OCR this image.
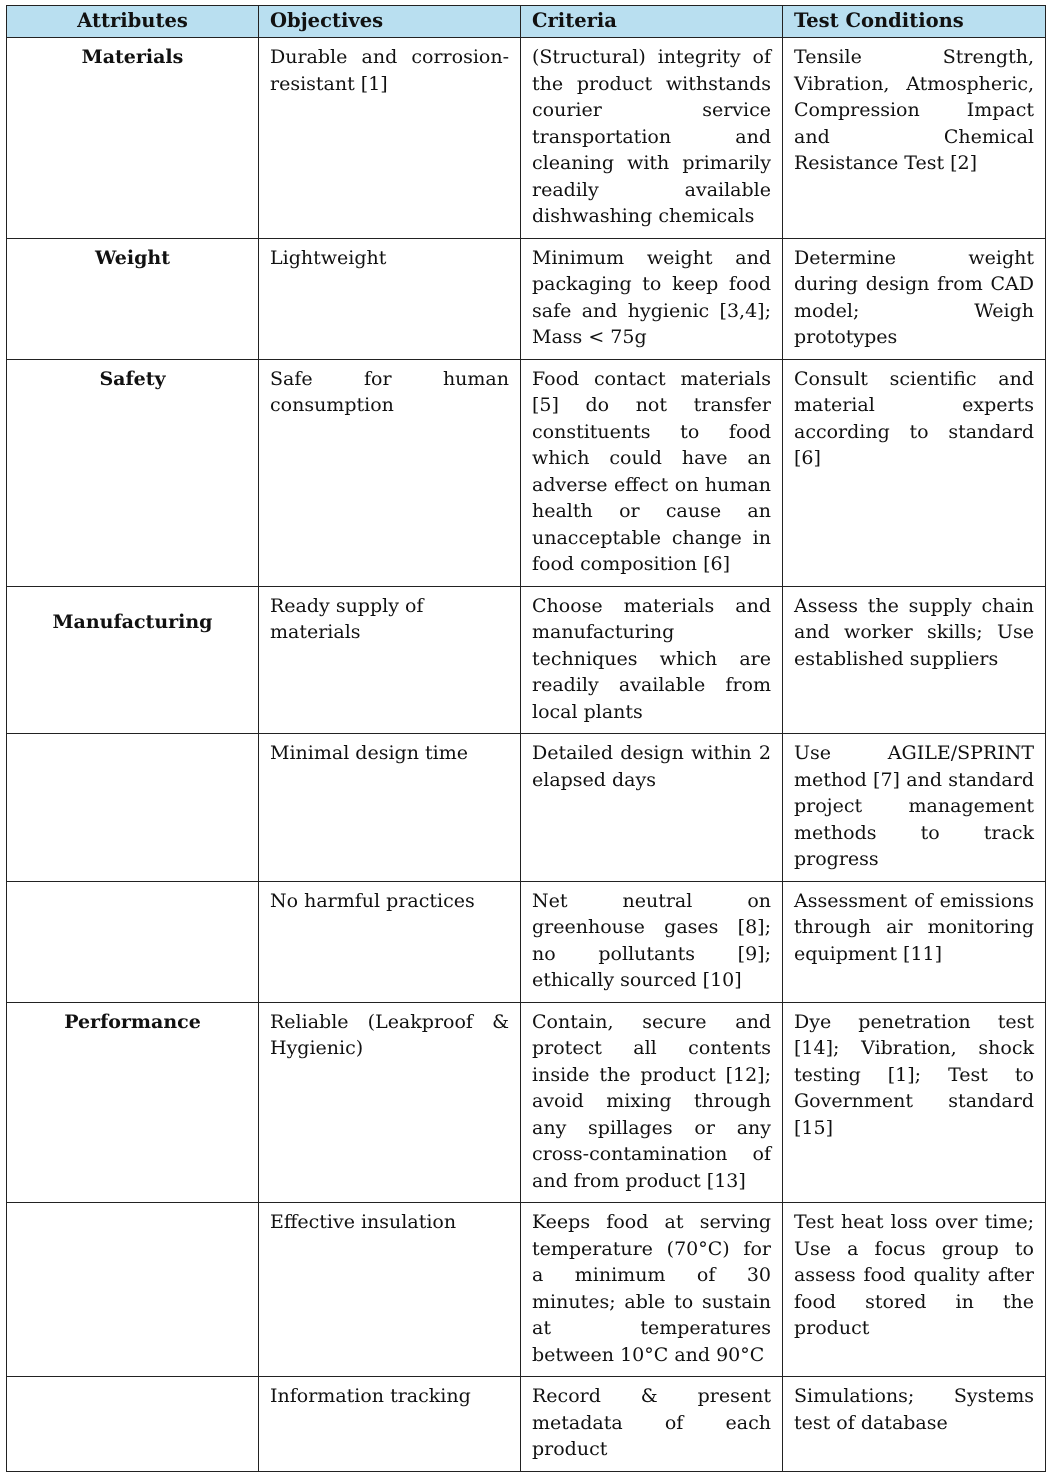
Attributes	Objectives	Criteria	Test Conditions
Materials	Durable and corrosion-resistant [1]	(Structural) integrity of the product withstands courier service transportation and cleaning with primarily readily available dishwashing chemicals	Tensile Strength, Vibration, Atmospheric, Compression Impact and Chemical Resistance Test [2]
Weight	Lightweight	Minimum weight and packaging to keep food safe and hygienic [3,4]; Mass < 75g	Determine weight during design from CAD model; Weigh prototypes
Safety	Safe for human consumption	Food contact materials [5] do not transfer constituents to food which could have an adverse effect on human health or cause an unacceptable change in food composition [6]	Consult scientific and material experts according to standard [6]
Manufacturing	Ready supply of materials	Choose materials and manufacturing techniques which are readily available from local plants	Assess the supply chain and worker skills; Use established suppliers
	Minimal design time	Detailed design within 2 elapsed days	Use AGILE/SPRINT method [7] and standard project management methods to track progress
	No harmful practices	Net neutral on greenhouse gases [8]; no pollutants [9]; ethically sourced [10]	Assessment of emissions through air monitoring equipment [11]
Performance	Reliable (Leakproof & Hygienic)	Contain, secure and protect all contents inside the product [12]; avoid mixing through any spillages or any cross-contamination of and from product [13]	Dye penetration test [14]; Vibration, shock testing [1]; Test to Government standard [15]
	Effective insulation	Keeps food at serving temperature (70°C) for a minimum of 30 minutes; able to sustain at temperatures between 10°C and 90°C	Test heat loss over time; Use a focus group to assess food quality after food stored in the product
	Information tracking	Record & present metadata of each product	Simulations; Systems test of database
